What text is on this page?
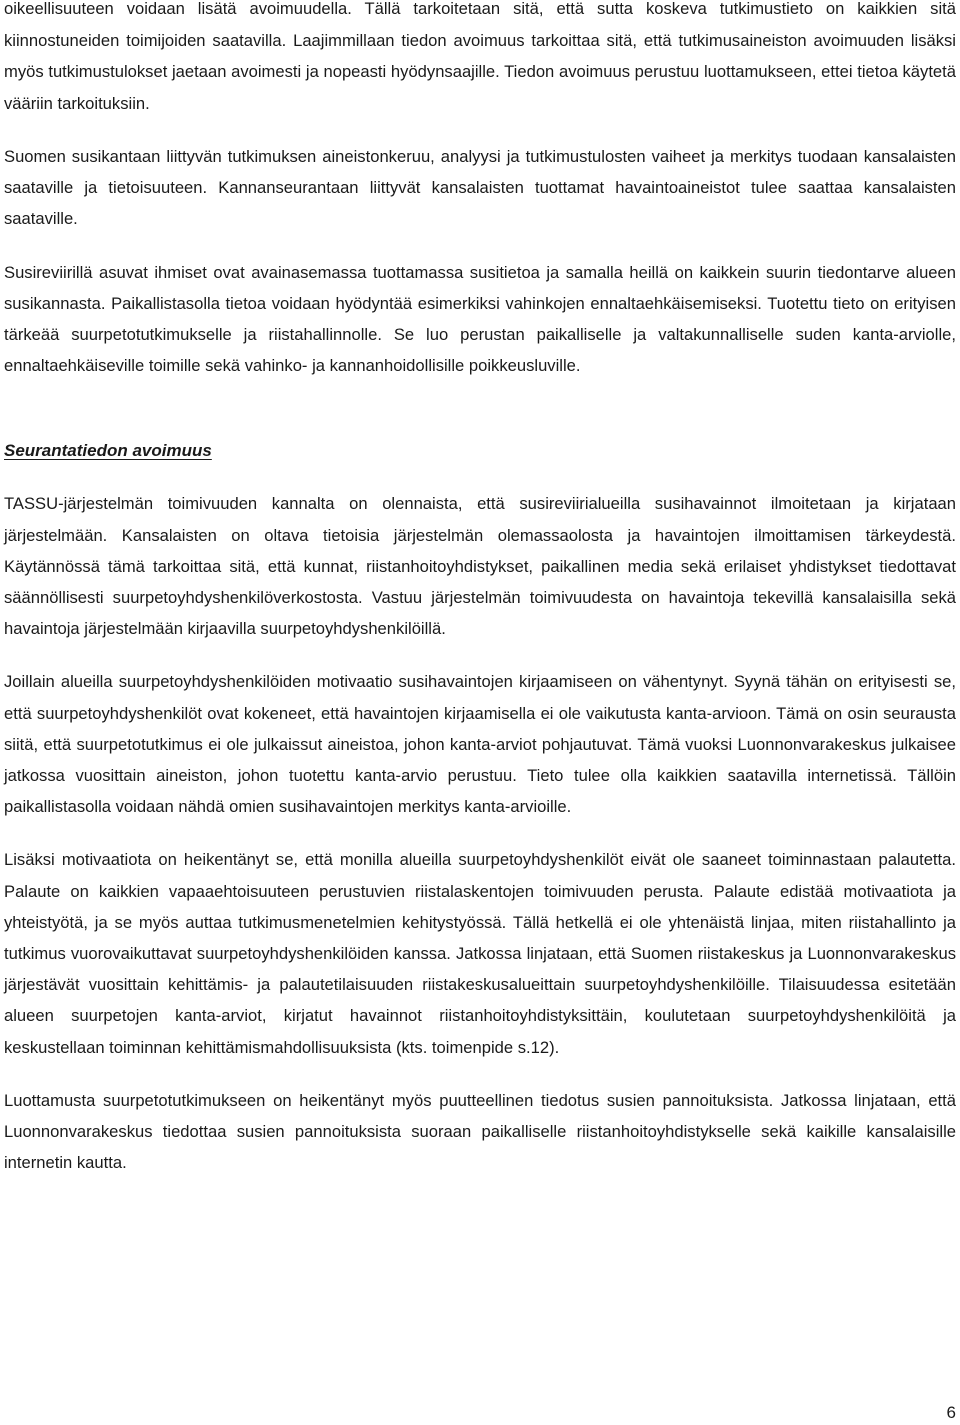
oikeellisuuteen voidaan lisätä avoimuudella. Tällä tarkoitetaan sitä, että sutta koskeva tutkimustieto on kaikkien sitä kiinnostuneiden toimijoiden saatavilla. Laajimmillaan tiedon avoimuus tarkoittaa sitä, että tutkimusaineiston avoimuuden lisäksi myös tutkimustulokset jaetaan avoimesti ja nopeasti hyödynsaajille. Tiedon avoimuus perustuu luottamukseen, ettei tietoa käytetä vääriin tarkoituksiin.

Suomen susikantaan liittyvän tutkimuksen aineistonkeruu, analyysi ja tutkimustulosten vaiheet ja merkitys tuodaan kansalaisten saataville ja tietoisuuteen. Kannanseurantaan liittyvät kansalaisten tuottamat havaintoaineistot tulee saattaa kansalaisten saataville.

Susireviirillä asuvat ihmiset ovat avainasemassa tuottamassa susitietoa ja samalla heillä on kaikkein suurin tiedontarve alueen susikannasta. Paikallistasolla tietoa voidaan hyödyntää esimerkiksi vahinkojen ennaltaehkäisemiseksi. Tuotettu tieto on erityisen tärkeää suurpetotutkimukselle ja riistahallinnolle. Se luo perustan paikalliselle ja valtakunnalliselle suden kanta-arviolle, ennaltaehkäiseville toimille sekä vahinko- ja kannanhoidollisille poikkeusluville.

Seurantatiedon avoimuus

TASSU-järjestelmän toimivuuden kannalta on olennaista, että susireviirialueilla susihavainnot ilmoitetaan ja kirjataan järjestelmään. Kansalaisten on oltava tietoisia järjestelmän olemassaolosta ja havaintojen ilmoittamisen tärkeydestä. Käytännössä tämä tarkoittaa sitä, että kunnat, riistanhoitoyhdistykset, paikallinen media sekä erilaiset yhdistykset tiedottavat säännöllisesti suurpetoyhdyshenkilöverkostosta. Vastuu järjestelmän toimivuudesta on havaintoja tekevillä kansalaisilla sekä havaintoja järjestelmään kirjaavilla suurpetoyhdyshenkilöillä.

Joillain alueilla suurpetoyhdyshenkilöiden motivaatio susihavaintojen kirjaamiseen on vähentynyt. Syynä tähän on erityisesti se, että suurpetoyhdyshenkilöt ovat kokeneet, että havaintojen kirjaamisella ei ole vaikutusta kanta-arvioon. Tämä on osin seurausta siitä, että suurpetotutkimus ei ole julkaissut aineistoa, johon kanta-arviot pohjautuvat. Tämä vuoksi Luonnonvarakeskus julkaisee jatkossa vuosittain aineiston, johon tuotettu kanta-arvio perustuu. Tieto tulee olla kaikkien saatavilla internetissä. Tällöin paikallistasolla voidaan nähdä omien susihavaintojen merkitys kanta-arvioille.

Lisäksi motivaatiota on heikentänyt se, että monilla alueilla suurpetoyhdyshenkilöt eivät ole saaneet toiminnastaan palautetta. Palaute on kaikkien vapaaehtoisuuteen perustuvien riistalaskentojen toimivuuden perusta. Palaute edistää motivaatiota ja yhteistyötä, ja se myös auttaa tutkimusmenetelmien kehitystyössä. Tällä hetkellä ei ole yhtenäistä linjaa, miten riistahallinto ja tutkimus vuorovaikuttavat suurpetoyhdyshenkilöiden kanssa. Jatkossa linjataan, että Suomen riistakeskus ja Luonnonvarakeskus järjestävät vuosittain kehittämis- ja palautetilaisuuden riistakeskusalueittain suurpetoyhdyshenkilöille. Tilaisuudessa esitetään alueen suurpetojen kanta-arviot, kirjatut havainnot riistanhoitoyhdistyksittäin, koulutetaan suurpetoyhdyshenkilöitä ja keskustellaan toiminnan kehittämismahdollisuuksista (kts. toimenpide s.12).

Luottamusta suurpetotutkimukseen on heikentänyt myös puutteellinen tiedotus susien pannoituksista. Jatkossa linjataan, että Luonnonvarakeskus tiedottaa susien pannoituksista suoraan paikalliselle riistanhoitoyhdistykselle sekä kaikille kansalaisille internetin kautta.

6
